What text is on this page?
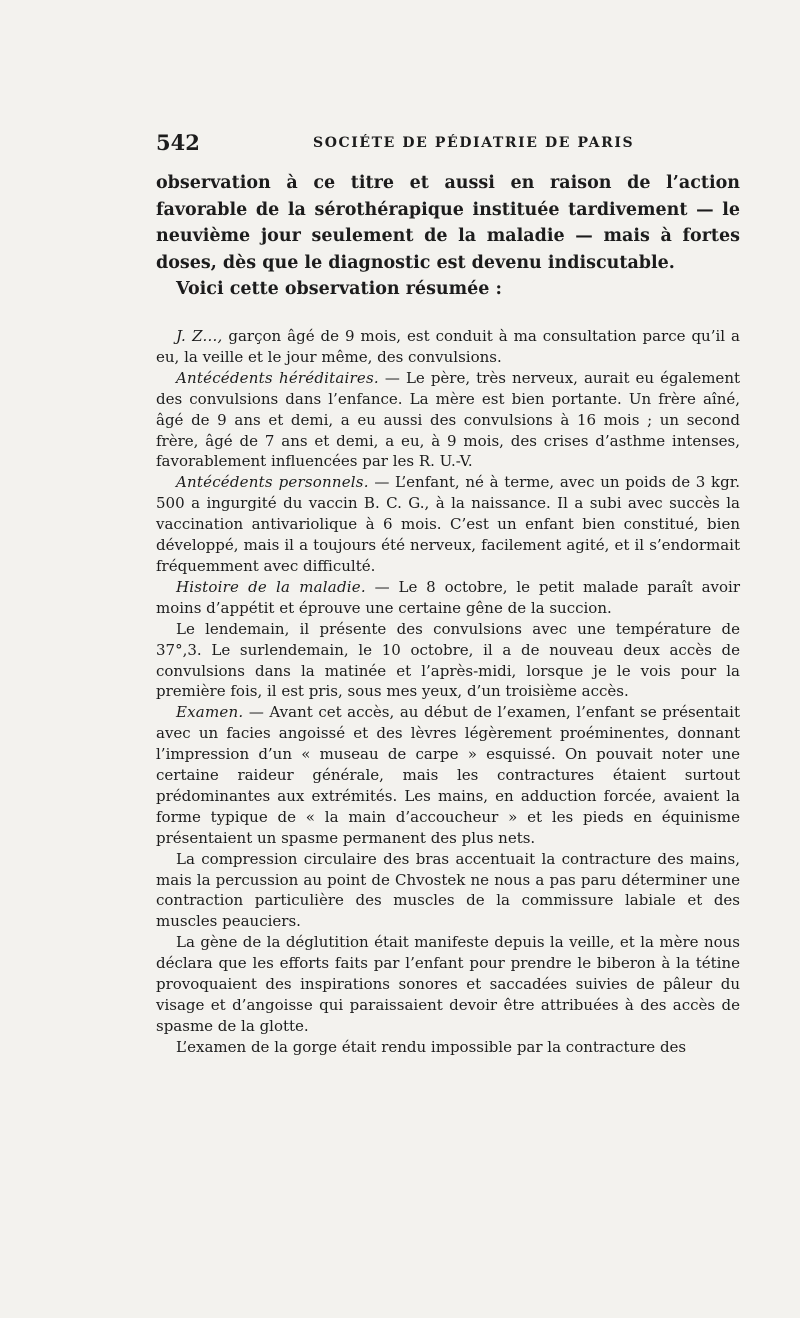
542	SOCIÉTE DE PÉDIATRIE DE PARIS

observation à ce titre et aussi en raison de l’action favorable de la sérothérapique instituée tardivement — le neuvième jour seulement de la maladie — mais à fortes doses, dès que le diagnostic est devenu indiscutable.

Voici cette observation résumée :

J. Z..., garçon âgé de 9 mois, est conduit à ma consultation parce qu’il a eu, la veille et le jour même, des convulsions.

Antécédents héréditaires. — Le père, très nerveux, aurait eu également des convulsions dans l’enfance. La mère est bien portante. Un frère aîné, âgé de 9 ans et demi, a eu aussi des convulsions à 16 mois ; un second frère, âgé de 7 ans et demi, a eu, à 9 mois, des crises d’asthme intenses, favorablement influencées par les R. U.-V.

Antécédents personnels. — L’enfant, né à terme, avec un poids de 3 kgr. 500 a ingurgité du vaccin B. C. G., à la naissance. Il a subi avec succès la vaccination antivariolique à 6 mois. C’est un enfant bien constitué, bien développé, mais il a toujours été nerveux, facilement agité, et il s’endormait fréquemment avec difficulté.

Histoire de la maladie. — Le 8 octobre, le petit malade paraît avoir moins d’appétit et éprouve une certaine gêne de la succion.

Le lendemain, il présente des convulsions avec une température de 37°,3. Le surlendemain, le 10 octobre, il a de nouveau deux accès de convulsions dans la matinée et l’après-midi, lorsque je le vois pour la première fois, il est pris, sous mes yeux, d’un troisième accès.

Examen. — Avant cet accès, au début de l’examen, l’enfant se présentait avec un facies angoissé et des lèvres légèrement proéminentes, donnant l’impression d’un « museau de carpe » esquissé. On pouvait noter une certaine raideur générale, mais les contractures étaient surtout prédominantes aux extrémités. Les mains, en adduction forcée, avaient la forme typique de « la main d’accoucheur » et les pieds en équinisme présentaient un spasme permanent des plus nets.

La compression circulaire des bras accentuait la contracture des mains, mais la percussion au point de Chvostek ne nous a pas paru déterminer une contraction particulière des muscles de la commissure labiale et des muscles peauciers.

La gène de la déglutition était manifeste depuis la veille, et la mère nous déclara que les efforts faits par l’enfant pour prendre le biberon à la tétine provoquaient des inspirations sonores et saccadées suivies de pâleur du visage et d’angoisse qui paraissaient devoir être attribuées à des accès de spasme de la glotte.

L’examen de la gorge était rendu impossible par la contracture des
